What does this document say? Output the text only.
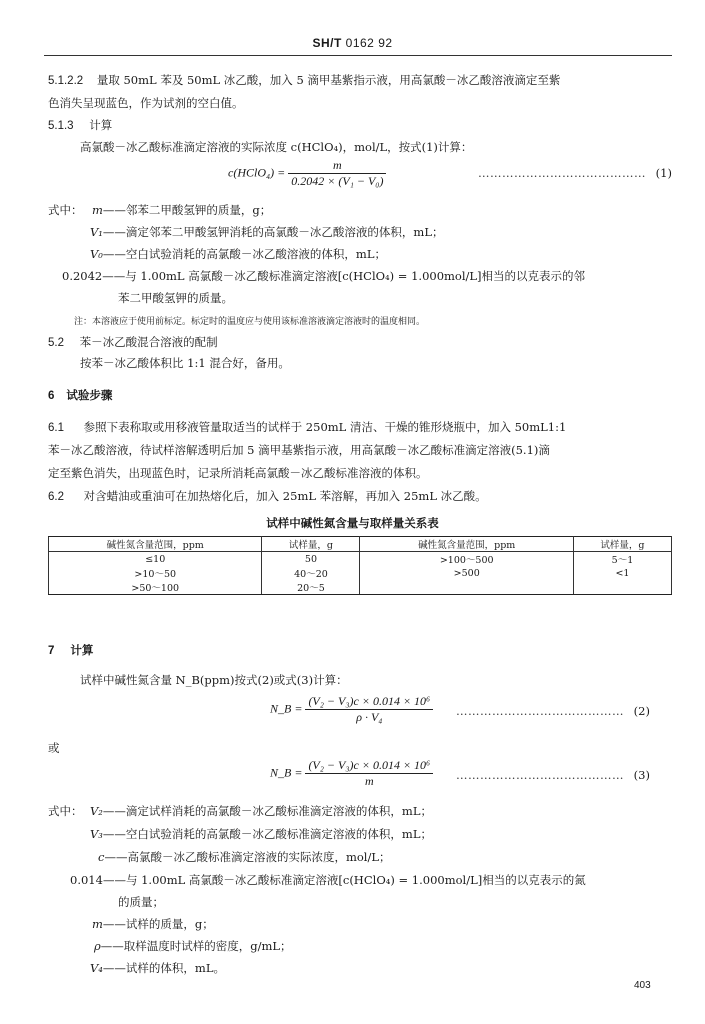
SH/T 0162 92
5.1.2.2 量取 50mL 苯及 50mL 冰乙酸，加入 5 滴甲基紫指示液，用高氯酸－冰乙酸溶液滴定至紫
色消失呈现蓝色，作为试剂的空白值。
5.1.3 计算
高氯酸－冰乙酸标准滴定溶液的实际浓度 c(HClO₄)，mol/L，按式(1)计算：
c(HClO₄) = $\frac{m}{\text{0.2042 × (V₁ − V₀)}}$	…………………………………… (1)
式中： m——邻苯二甲酸氢钾的质量，g；
V₁——滴定邻苯二甲酸氢钾消耗的高氯酸－冰乙酸溶液的体积，mL；
V₀——空白试验消耗的高氯酸－冰乙酸溶液的体积，mL；
0.2042——与 1.00mL 高氯酸－冰乙酸标准滴定溶液[c(HClO₄) = 1.000mol/L]相当的以克表示的邻
苯二甲酸氢钾的质量。
注：本溶液应于使用前标定。标定时的温度应与使用该标准溶液滴定溶液时的温度相同。
5.2 苯－冰乙酸混合溶液的配制
按苯－冰乙酸体积比 1:1 混合好，备用。
6 试验步骤
6.1 参照下表称取或用移液管量取适当的试样于 250mL 清洁、干燥的锥形烧瓶中，加入 50mL1:1
苯－冰乙酸溶液，待试样溶解透明后加 5 滴甲基紫指示液，用高氯酸－冰乙酸标准滴定溶液(5.1)滴
定至紫色消失，出现蓝色时，记录所消耗高氯酸－冰乙酸标准溶液的体积。
6.2 对含蜡油或重油可在加热熔化后，加入 25mL 苯溶解，再加入 25mL 冰乙酸。
试样中碱性氮含量与取样量关系表
碱性氮含量范围，ppm	试样量，g	碱性氮含量范围，ppm	试样量，g
≤10	50	>100～500	5～1
>10～50	40～20	>500	<1
>50～100	20～5		
7 计算
试样中碱性氮含量 N_B(ppm)按式(2)或式(3)计算：
N_B = $\frac{\text{(V₂ − V₃)c × 0.014 × 10⁶}}{\text{ρ · V₄}}$ …………………………………… (2)
或
N_B = $\frac{\text{(V₂ − V₃)c × 0.014 × 10⁶}}{m}$ …………………………………… (3)
式中： V₂——滴定试样消耗的高氯酸－冰乙酸标准滴定溶液的体积，mL；
V₃——空白试验消耗的高氯酸－冰乙酸标准滴定溶液的体积，mL；
c——高氯酸－冰乙酸标准滴定溶液的实际浓度，mol/L；
0.014——与 1.00mL 高氯酸－冰乙酸标准滴定溶液[c(HClO₄) = 1.000mol/L]相当的以克表示的氮
的质量；
m——试样的质量，g；
ρ——取样温度时试样的密度，g/mL；
V₄——试样的体积，mL。
403
